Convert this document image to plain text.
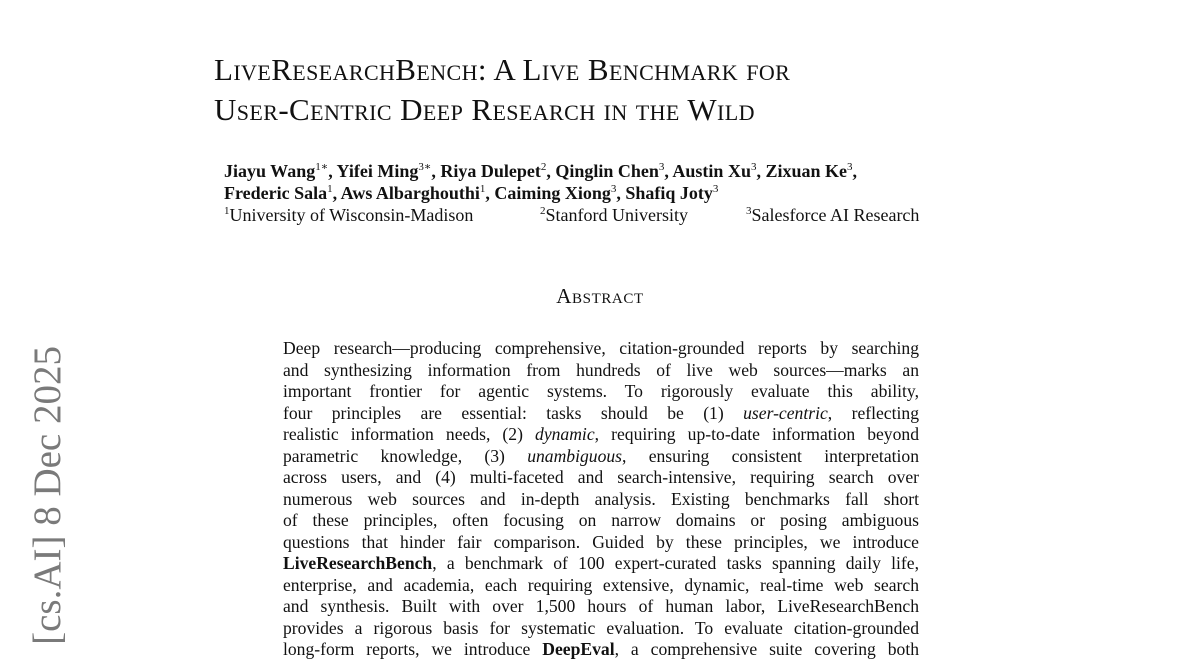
LiveResearchBench: A Live Benchmark for
User-Centric Deep Research in the Wild
Jiayu Wang$^{1∗}$, Yifei Ming$^{3∗}$, Riya Dulepet$^2$, Qinglin Chen$^3$, Austin Xu$^3$, Zixuan Ke$^3$,
Frederic Sala$^1$, Aws Albarghouthi$^1$, Caiming Xiong$^3$, Shafiq Joty$^3$
$^1$University of Wisconsin-Madison	$^2$Stanford University	$^3$Salesforce AI Research
Abstract
Deep research—producing comprehensive, citation-grounded reports by searching
and synthesizing information from hundreds of live web sources—marks an
important frontier for agentic systems. To rigorously evaluate this ability,
four principles are essential: tasks should be (1) user-centric, reflecting
realistic information needs, (2) dynamic, requiring up-to-date information beyond
parametric knowledge, (3) unambiguous, ensuring consistent interpretation
across users, and (4) multi-faceted and search-intensive, requiring search over
numerous web sources and in-depth analysis. Existing benchmarks fall short
of these principles, often focusing on narrow domains or posing ambiguous
questions that hinder fair comparison. Guided by these principles, we introduce
LiveResearchBench, a benchmark of 100 expert-curated tasks spanning daily life,
enterprise, and academia, each requiring extensive, dynamic, real-time web search
and synthesis. Built with over 1,500 hours of human labor, LiveResearchBench
provides a rigorous basis for systematic evaluation. To evaluate citation-grounded
long-form reports, we introduce DeepEval, a comprehensive suite covering both
[cs.AI] 8 Dec 2025
